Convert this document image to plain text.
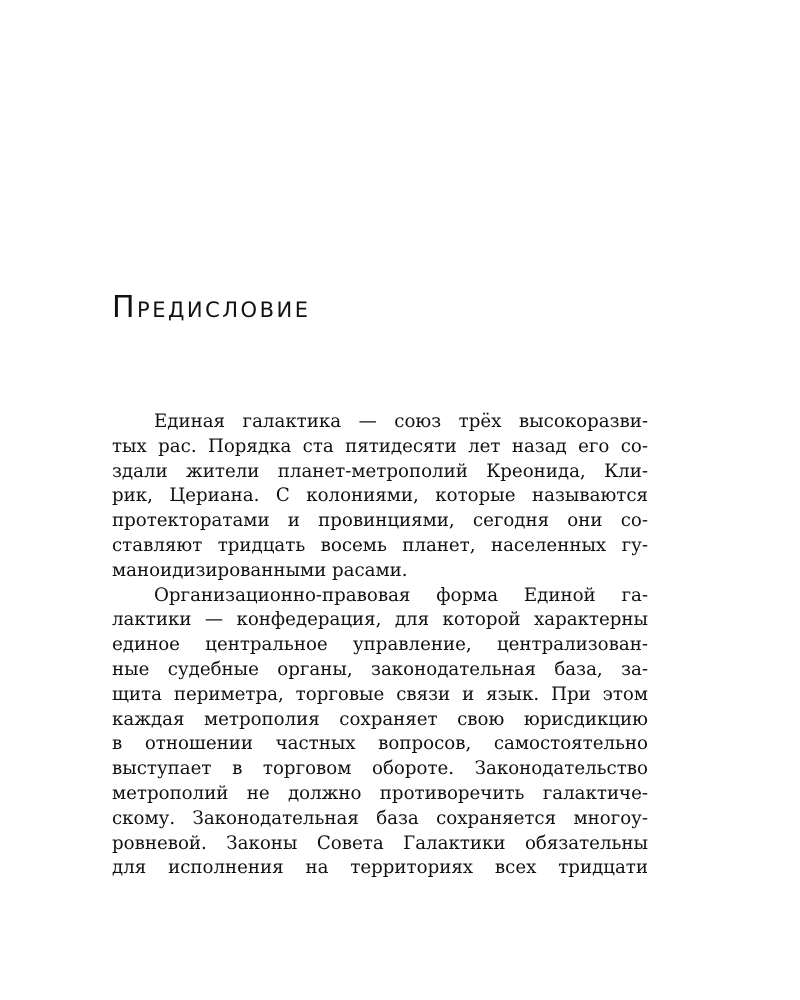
Предисловие
Единая галактика — союз трёх высокоразви-
тых рас. Порядка ста пятидесяти лет назад его со-
здали жители планет-метрополий Креонида, Кли-
рик, Цериана. С колониями, которые называются
протекторатами и провинциями, сегодня они со-
ставляют тридцать восемь планет, населенных гу-
маноидизированными расами.
Организационно-правовая форма Единой га-
лактики — конфедерация, для которой характерны
единое центральное управление, централизован-
ные судебные органы, законодательная база, за-
щита периметра, торговые связи и язык. При этом
каждая метрополия сохраняет свою юрисдикцию
в отношении частных вопросов, самостоятельно
выступает в торговом обороте. Законодательство
метрополий не должно противоречить галактиче-
скому. Законодательная база сохраняется многоу-
ровневой. Законы Совета Галактики обязательны
для исполнения на территориях всех тридцати
